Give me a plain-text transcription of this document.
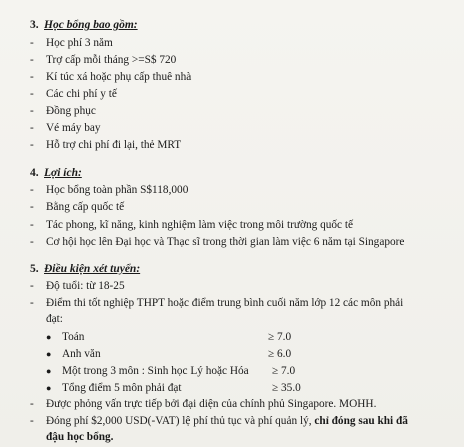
3. Học bổng bao gồm:
- Học phí 3 năm
- Trợ cấp mỗi tháng >=S$ 720
- Kí túc xá hoặc phụ cấp thuê nhà
- Các chi phí y tế
- Đồng phục
- Vé máy bay
- Hỗ trợ chi phí đi lại, thẻ MRT
4. Lợi ích:
- Học bổng toàn phần S$118,000
- Bằng cấp quốc tế
- Tác phong, kĩ năng, kinh nghiệm làm việc trong môi trường quốc tế
- Cơ hội học lên Đại học và Thạc sĩ trong thời gian làm việc 6 năm tại Singapore
5. Điều kiện xét tuyển:
- Độ tuổi: từ 18-25
- Điểm thi tốt nghiệp THPT hoặc điểm trung bình cuối năm lớp 12 các môn phải
đạt:
● Toán	≥ 7.0
● Anh văn	≥ 6.0
● Một trong 3 môn : Sinh học Lý hoặc Hóa ≥ 7.0
● Tổng điểm 5 môn phải đạt	≥ 35.0
- Được phỏng vấn trực tiếp bởi đại diện của chính phủ Singapore. MOHH.
- Đóng phí $2,000 USD(-VAT) lệ phí thủ tục và phí quản lý, chỉ đóng sau khi đã
đậu học bổng.
